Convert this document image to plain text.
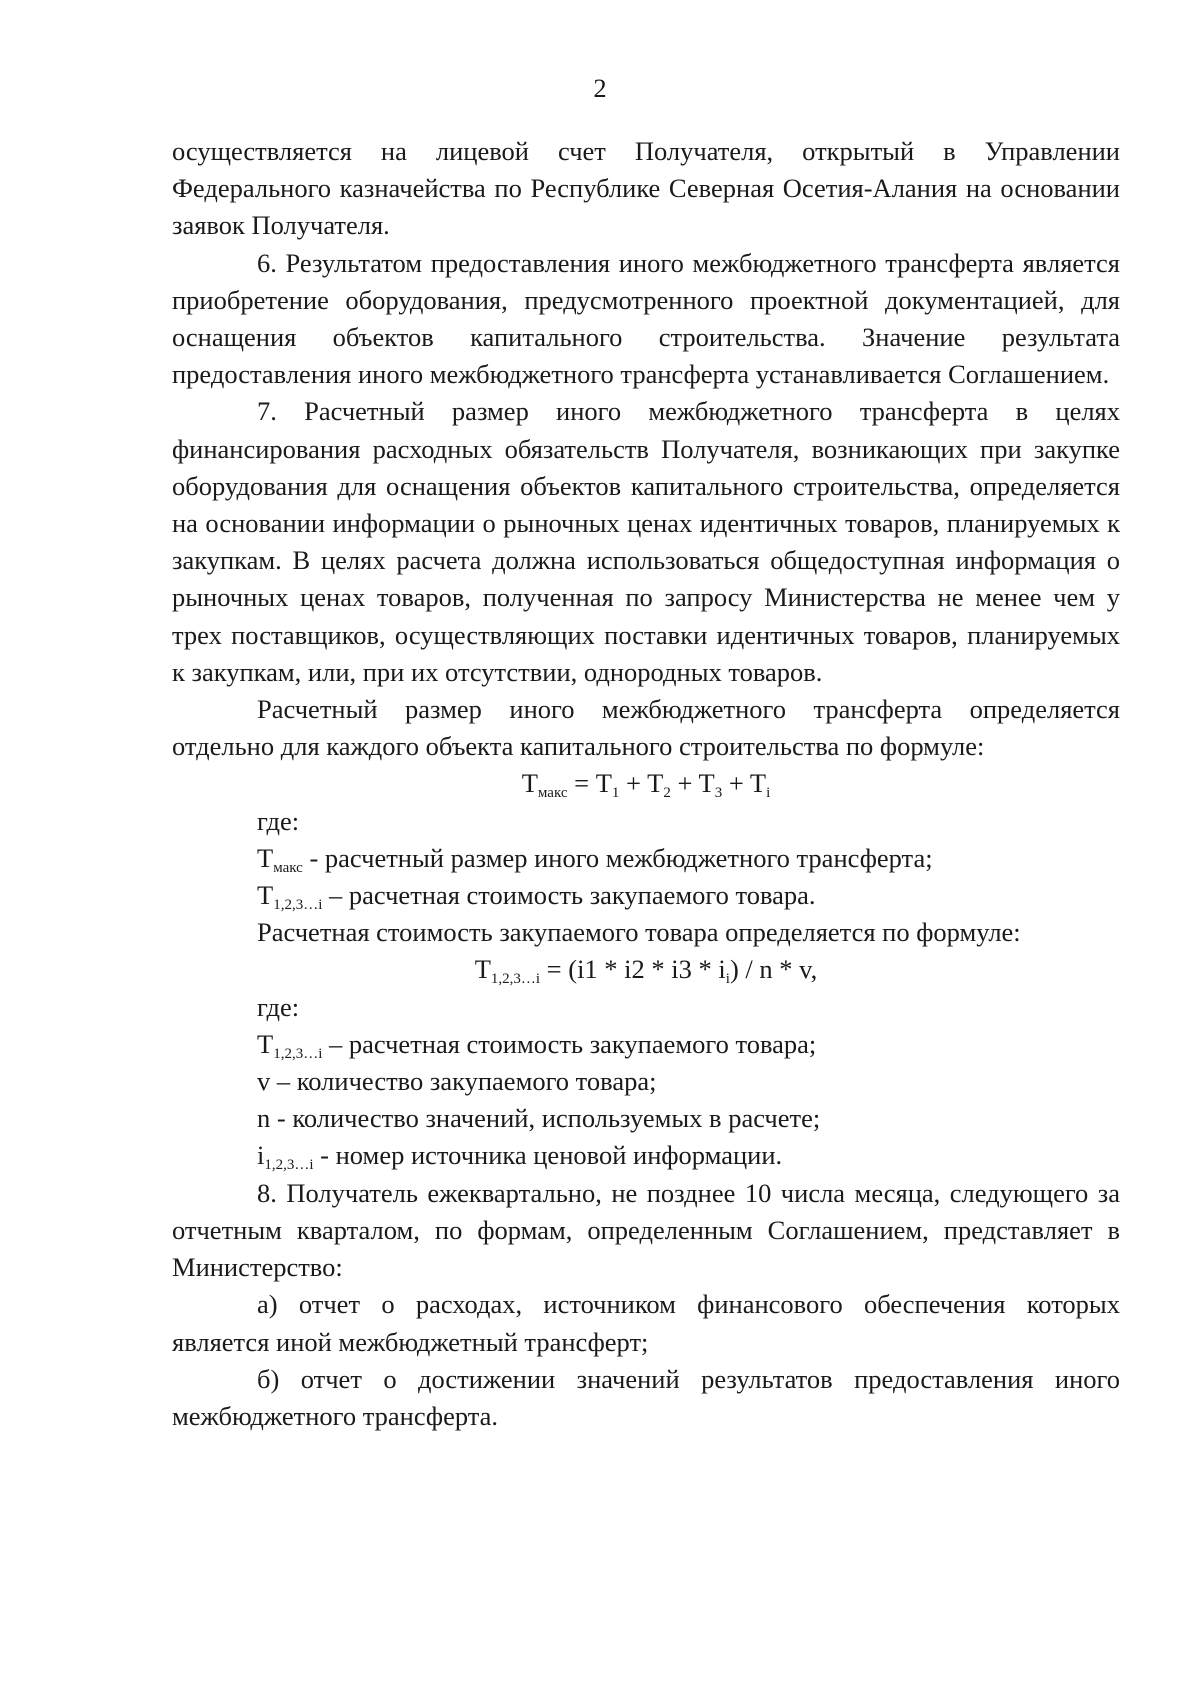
2

осуществляется на лицевой счет Получателя, открытый в Управлении Федерального казначейства по Республике Северная Осетия-Алания на основании заявок Получателя.

6. Результатом предоставления иного межбюджетного трансферта является приобретение оборудования, предусмотренного проектной документацией, для оснащения объектов капитального строительства. Значение результата предоставления иного межбюджетного трансферта устанавливается Соглашением.

7. Расчетный размер иного межбюджетного трансферта в целях финансирования расходных обязательств Получателя, возникающих при закупке оборудования для оснащения объектов капитального строительства, определяется на основании информации о рыночных ценах идентичных товаров, планируемых к закупкам. В целях расчета должна использоваться общедоступная информация о рыночных ценах товаров, полученная по запросу Министерства не менее чем у трех поставщиков, осуществляющих поставки идентичных товаров, планируемых к закупкам, или, при их отсутствии, однородных товаров.

Расчетный размер иного межбюджетного трансферта определяется отдельно для каждого объекта капитального строительства по формуле:

$T_{макс} = T_1 + T_2 + T_3 + T_i$

где:

$T_{макс}$ - расчетный размер иного межбюджетного трансферта;

$T_{1,2,3\dots i}$ – расчетная стоимость закупаемого товара.

Расчетная стоимость закупаемого товара определяется по формуле:

$T_{1,2,3\dots i} = (i1 * i2 * i3 * i_i) / n * v$,

где:

$T_{1,2,3\dots i}$ – расчетная стоимость закупаемого товара;

v – количество закупаемого товара;

n - количество значений, используемых в расчете;

$i_{1,2,3\dots i}$ - номер источника ценовой информации.

8. Получатель ежеквартально, не позднее 10 числа месяца, следующего за отчетным кварталом, по формам, определенным Соглашением, представляет в Министерство:

а) отчет о расходах, источником финансового обеспечения которых является иной межбюджетный трансферт;

б) отчет о достижении значений результатов предоставления иного межбюджетного трансферта.
